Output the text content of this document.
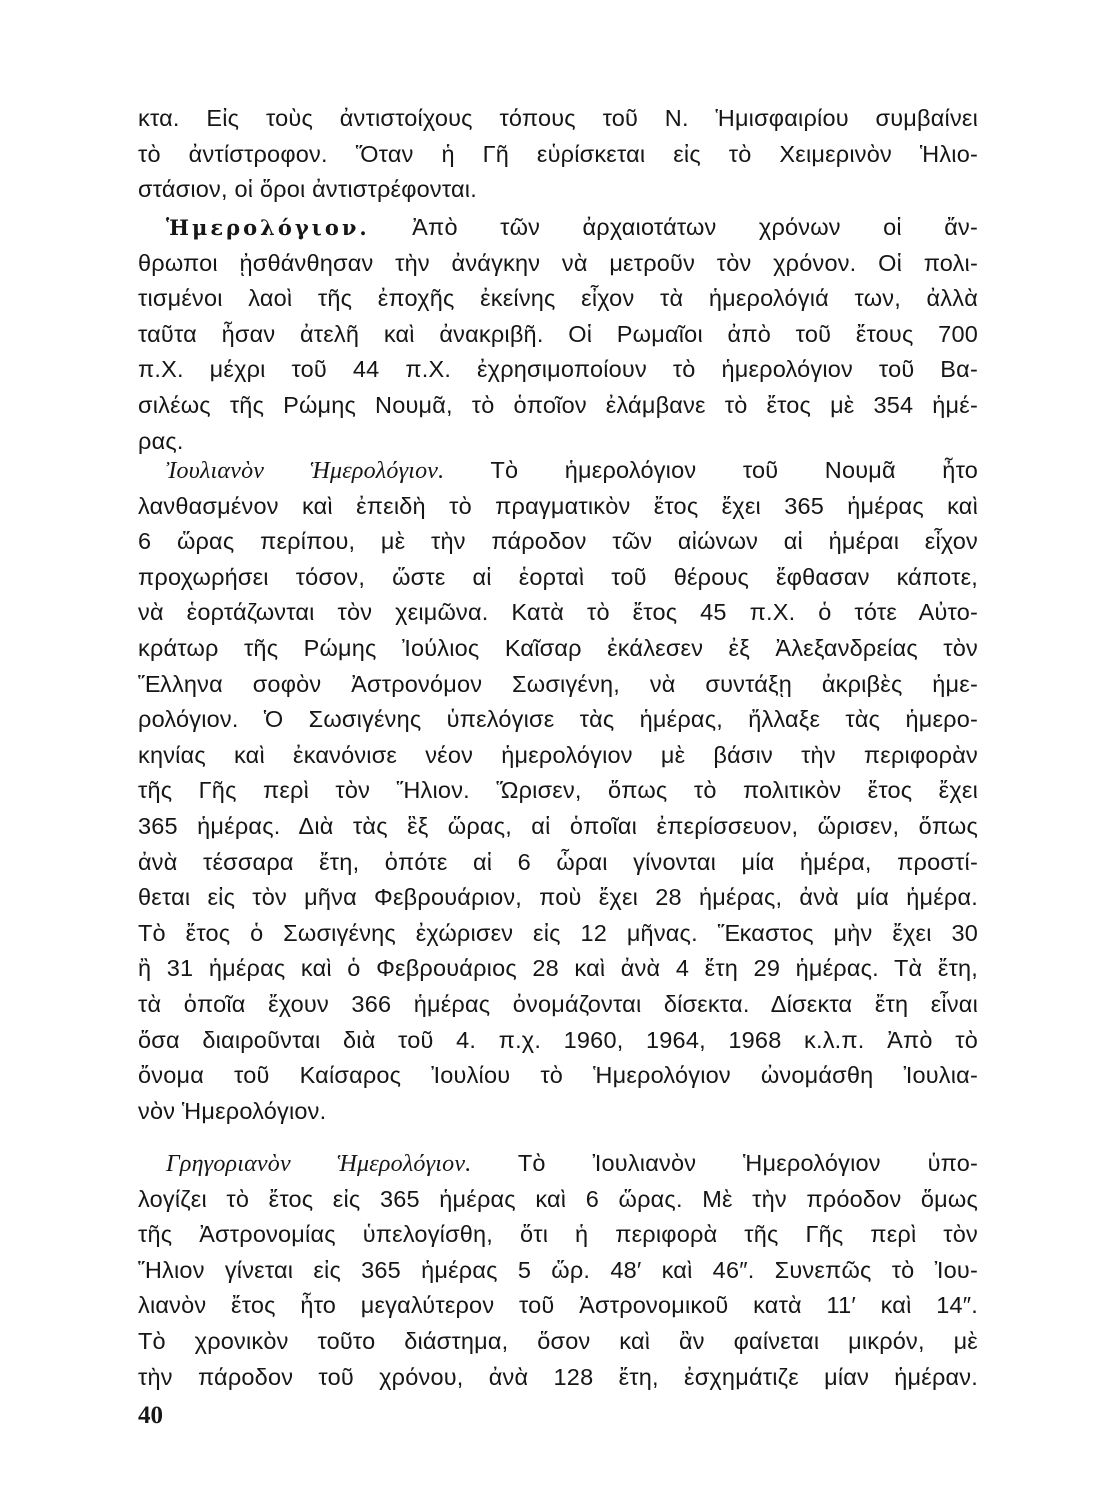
κτα. Εἰς τοὺς ἀντιστοίχους τόπους τοῦ Ν. Ἡμισφαιρίου συμβαίνει
τὸ ἀντίστροφον. Ὅταν ἡ Γῆ εὑρίσκεται εἰς τὸ Χειμερινὸν Ἡλιο-
στάσιον, οἱ ὅροι ἀντιστρέφονται.
Ἡμερολόγιον. Ἀπὸ τῶν ἀρχαιοτάτων χρόνων οἱ ἄν-
θρωποι ᾐσθάνθησαν τὴν ἀνάγκην νὰ μετροῦν τὸν χρόνον. Οἱ πολι-
τισμένοι λαοὶ τῆς ἐποχῆς ἐκείνης εἶχον τὰ ἡμερολόγιά των, ἀλλὰ
ταῦτα ἦσαν ἀτελῆ καὶ ἀνακριβῆ. Οἱ Ρωμαῖοι ἀπὸ τοῦ ἔτους 700
π.Χ. μέχρι τοῦ 44 π.Χ. ἐχρησιμοποίουν τὸ ἡμερολόγιον τοῦ Βα-
σιλέως τῆς Ρώμης Νουμᾶ, τὸ ὁποῖον ἐλάμβανε τὸ ἔτος μὲ 354 ἡμέ-
ρας.
Ἰουλιανὸν Ἡμερολόγιον. Τὸ ἡμερολόγιον τοῦ Νουμᾶ ἦτο
λανθασμένον καὶ ἐπειδὴ τὸ πραγματικὸν ἔτος ἔχει 365 ἡμέρας καὶ
6 ὥρας περίπου, μὲ τὴν πάροδον τῶν αἰώνων αἱ ἡμέραι εἶχον
προχωρήσει τόσον, ὥστε αἱ ἑορταὶ τοῦ θέρους ἔφθασαν κάποτε,
νὰ ἑορτάζωνται τὸν χειμῶνα. Κατὰ τὸ ἔτος 45 π.Χ. ὁ τότε Αὐτο-
κράτωρ τῆς Ρώμης Ἰούλιος Καῖσαρ ἐκάλεσεν ἐξ Ἀλεξανδρείας τὸν
Ἕλληνα σοφὸν Ἀστρονόμον Σωσιγένη, νὰ συντάξῃ ἀκριβὲς ἡμε-
ρολόγιον. Ὁ Σωσιγένης ὑπελόγισε τὰς ἡμέρας, ἤλλαξε τὰς ἡμερο-
κηνίας καὶ ἐκανόνισε νέον ἡμερολόγιον μὲ βάσιν τὴν περιφορὰν
τῆς Γῆς περὶ τὸν Ἥλιον. Ὥρισεν, ὅπως τὸ πολιτικὸν ἔτος ἔχει
365 ἡμέρας. Διὰ τὰς ἓξ ὥρας, αἱ ὁποῖαι ἐπερίσσευον, ὥρισεν, ὅπως
ἀνὰ τέσσαρα ἔτη, ὁπότε αἱ 6 ὧραι γίνονται μία ἡμέρα, προστί-
θεται εἰς τὸν μῆνα Φεβρουάριον, ποὺ ἔχει 28 ἡμέρας, ἀνὰ μία ἡμέρα.
Τὸ ἔτος ὁ Σωσιγένης ἐχώρισεν εἰς 12 μῆνας. Ἕκαστος μὴν ἔχει 30
ἢ 31 ἡμέρας καὶ ὁ Φεβρουάριος 28 καὶ ἀνὰ 4 ἔτη 29 ἡμέρας. Τὰ ἔτη,
τὰ ὁποῖα ἔχουν 366 ἡμέρας ὀνομάζονται δίσεκτα. Δίσεκτα ἔτη εἶναι
ὅσα διαιροῦνται διὰ τοῦ 4. π.χ. 1960, 1964, 1968 κ.λ.π. Ἀπὸ τὸ
ὄνομα τοῦ Καίσαρος Ἰουλίου τὸ Ἡμερολόγιον ὠνομάσθη Ἰουλια-
νὸν Ἡμερολόγιον.
Γρηγοριανὸν Ἡμερολόγιον. Τὸ Ἰουλιανὸν Ἡμερολόγιον ὑπο-
λογίζει τὸ ἔτος εἰς 365 ἡμέρας καὶ 6 ὥρας. Μὲ τὴν πρόοδον ὅμως
τῆς Ἀστρονομίας ὑπελογίσθη, ὅτι ἡ περιφορὰ τῆς Γῆς περὶ τὸν
Ἥλιον γίνεται εἰς 365 ἡμέρας 5 ὥρ. 48′ καὶ 46″. Συνεπῶς τὸ Ἰου-
λιανὸν ἔτος ἦτο μεγαλύτερον τοῦ Ἀστρονομικοῦ κατὰ 11′ καὶ 14″.
Τὸ χρονικὸν τοῦτο διάστημα, ὅσον καὶ ἂν φαίνεται μικρόν, μὲ
τὴν πάροδον τοῦ χρόνου, ἀνὰ 128 ἔτη, ἐσχημάτιζε μίαν ἡμέραν.
40
